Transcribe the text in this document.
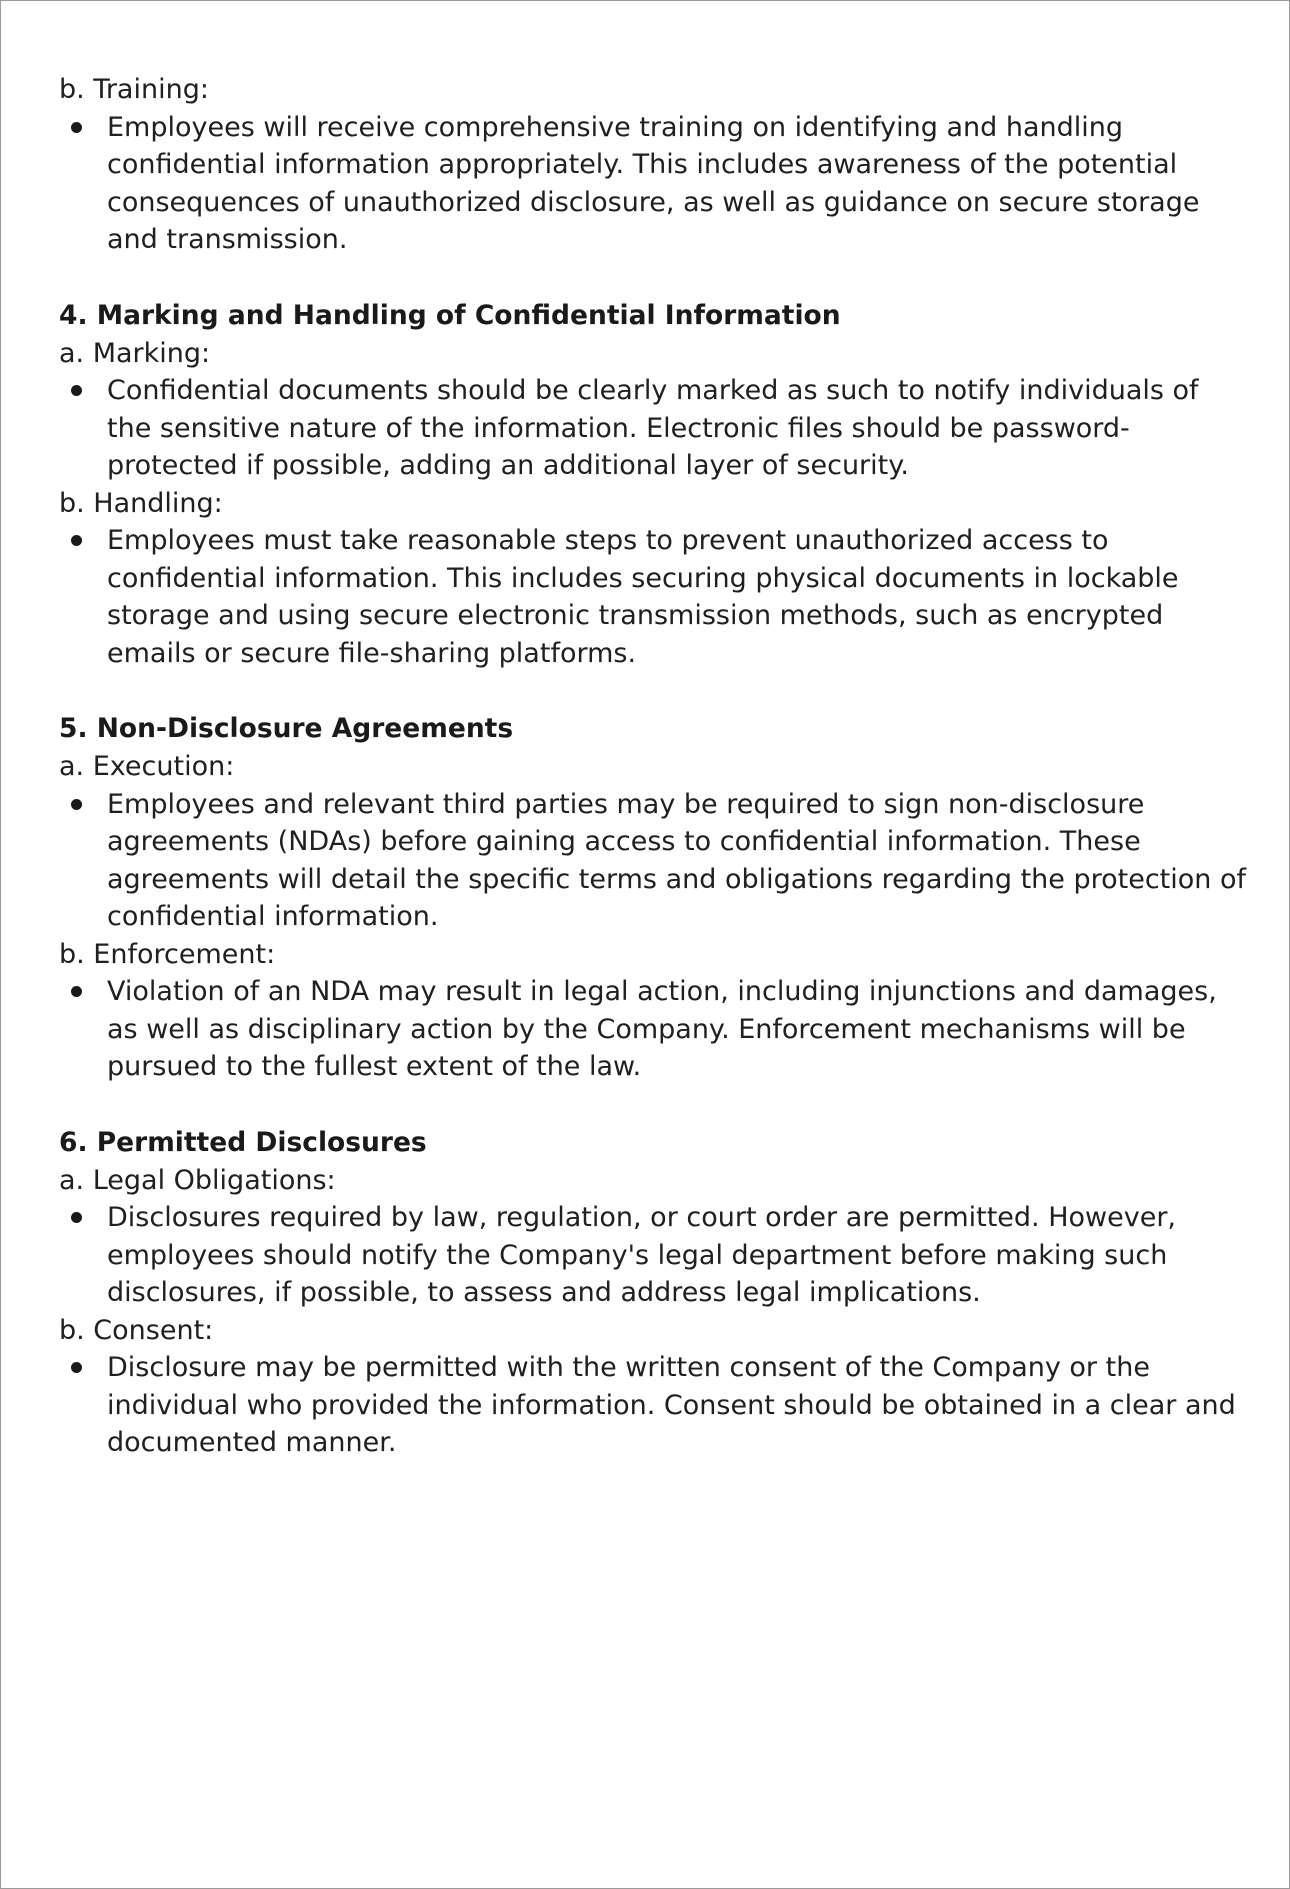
b. Training:

Employees will receive comprehensive training on identifying and handling confidential information appropriately. This includes awareness of the potential consequences of unauthorized disclosure, as well as guidance on secure storage and transmission.

4. Marking and Handling of Confidential Information

a. Marking:

Confidential documents should be clearly marked as such to notify individuals of the sensitive nature of the information. Electronic files should be password-protected if possible, adding an additional layer of security.

b. Handling:

Employees must take reasonable steps to prevent unauthorized access to confidential information. This includes securing physical documents in lockable storage and using secure electronic transmission methods, such as encrypted emails or secure file-sharing platforms.

5. Non-Disclosure Agreements

a. Execution:

Employees and relevant third parties may be required to sign non-disclosure agreements (NDAs) before gaining access to confidential information. These agreements will detail the specific terms and obligations regarding the protection of confidential information.

b. Enforcement:

Violation of an NDA may result in legal action, including injunctions and damages, as well as disciplinary action by the Company. Enforcement mechanisms will be pursued to the fullest extent of the law.

6. Permitted Disclosures

a. Legal Obligations:

Disclosures required by law, regulation, or court order are permitted. However, employees should notify the Company's legal department before making such disclosures, if possible, to assess and address legal implications.

b. Consent:

Disclosure may be permitted with the written consent of the Company or the individual who provided the information. Consent should be obtained in a clear and documented manner.
